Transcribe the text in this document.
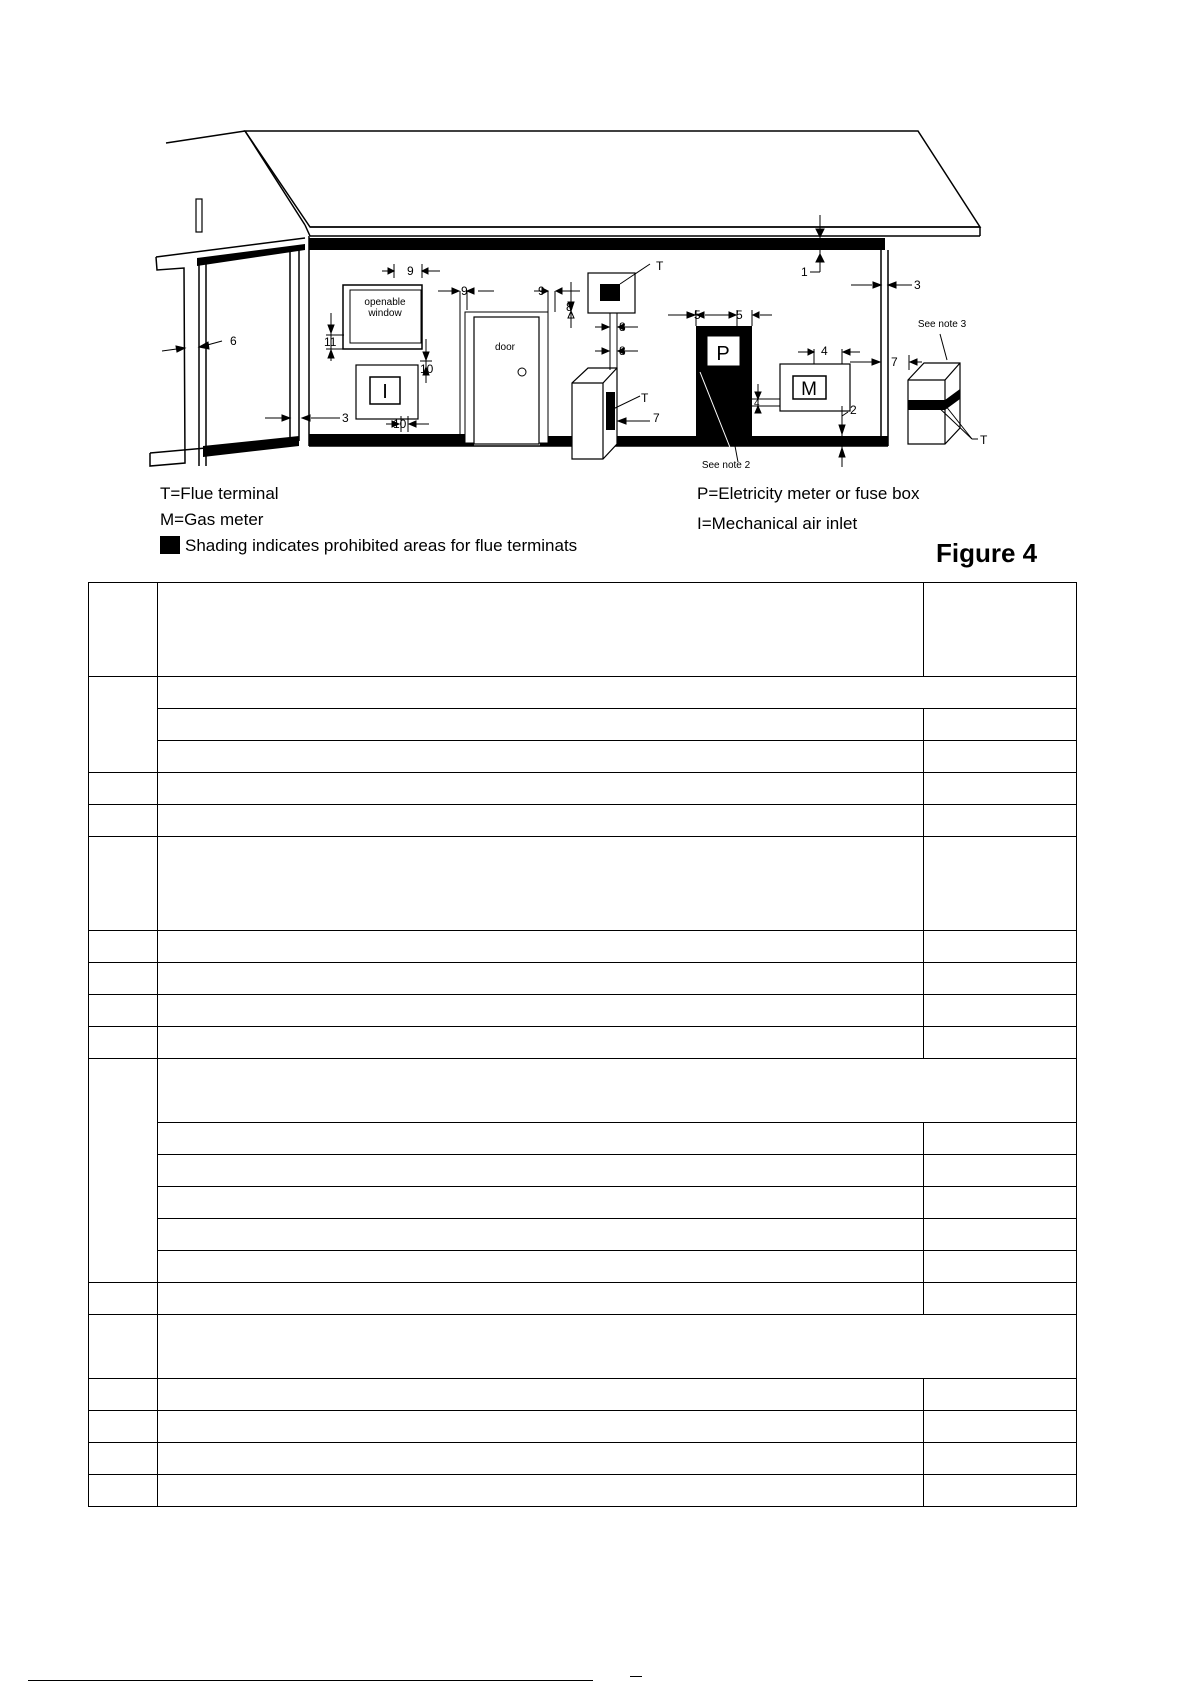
openable
window
I
door
T
T
P
See note 2
M
T
See note 3
1
2
3
3
4
4
5	5
6
7
7
8
8
8
9
9	9
10
10
11
T=Flue terminal
M=Gas meter
Shading indicates prohibited areas for flue terminats
P=Eletricity meter or fuse box
I=Mechanical air inlet
Figure 4
